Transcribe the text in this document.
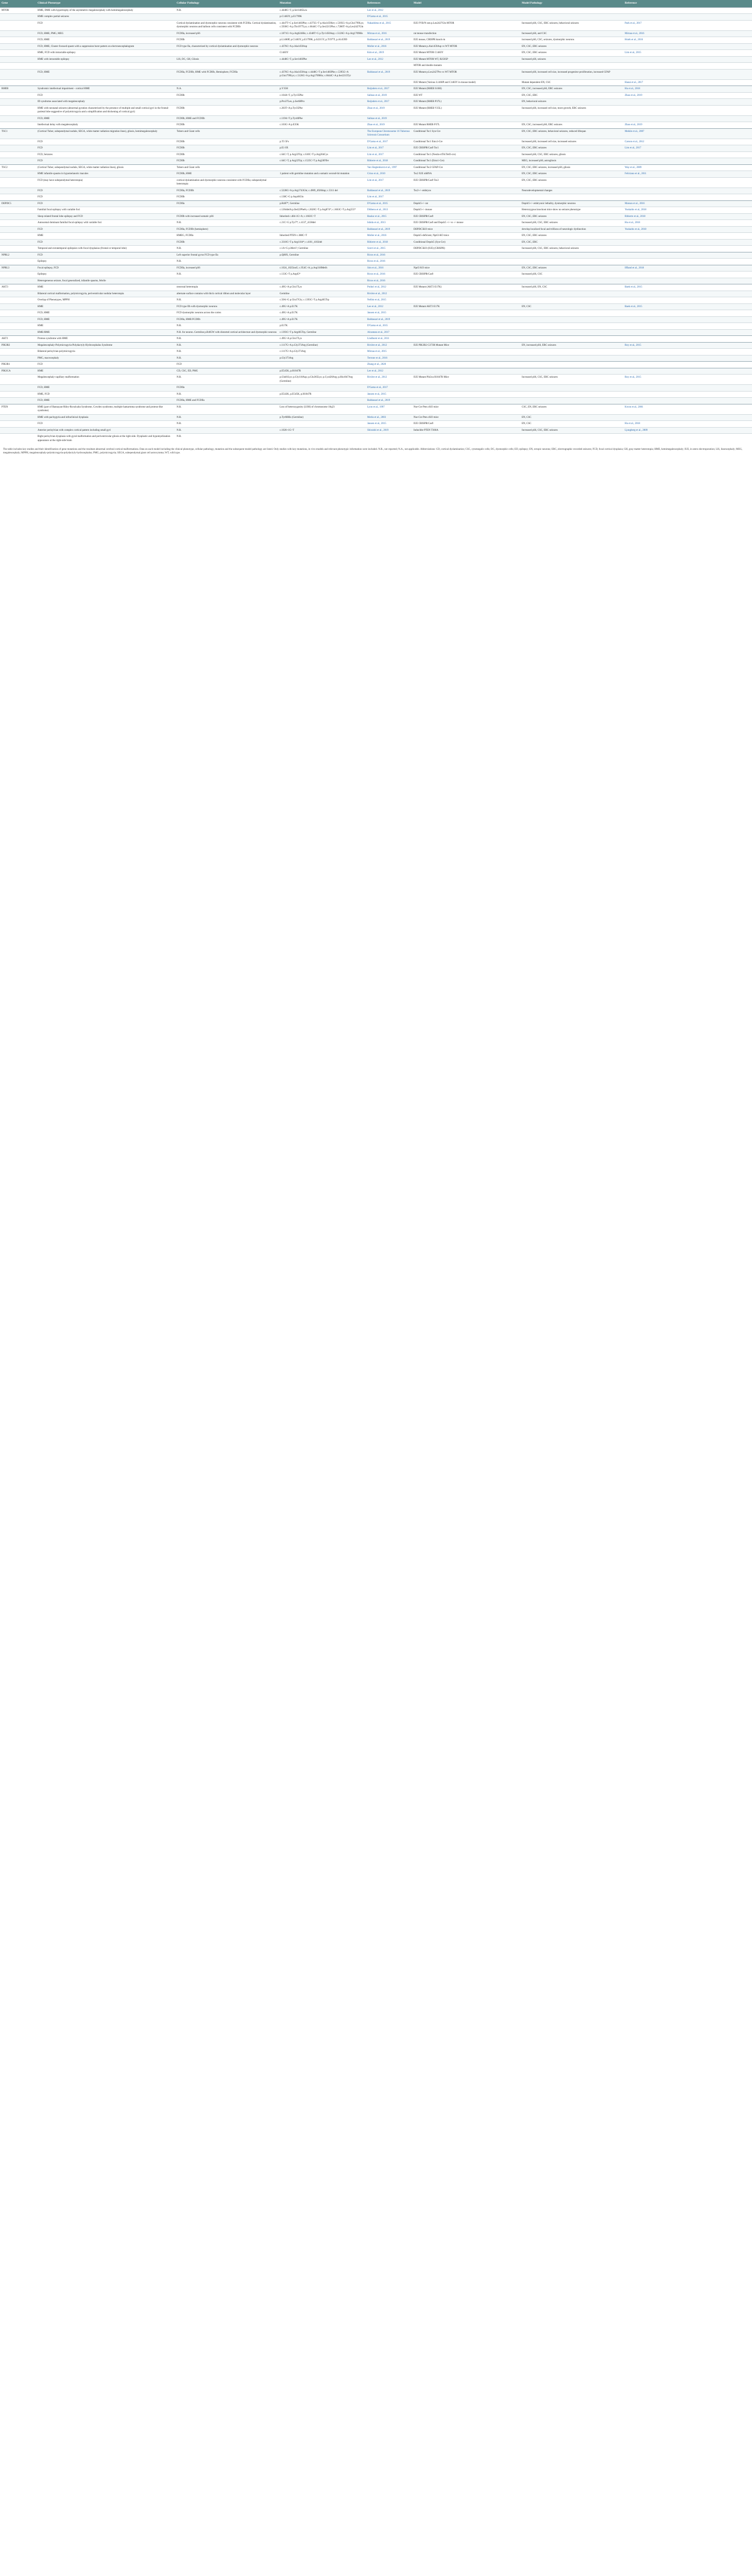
Gene	Clinical Phenotype	Cellular Pathology	Mutation	References	Model	Model Pathology	Reference
MTOR	HME, DME with hypertrophy of the asymmetric megalencephaly with hemimegalencephaly	N.R.	c.4448C>T, p.Ser1485Leu	Lee et al., 2012			
	HME complex partial seizures		p.C1483Y, p.E1799K	D'Gama et al., 2015			
	FCD	Cortical dyslamination and dysmorphic neurons consistent with FCDIIa. Cortical dyslamination, dysmorphic neurons and balloon cells consistent with FCDIIb	c.4447T>C p.Ser1483Phe; c.4375G>T p.Ala1459Ser; c.5395G>A p.Glu1799Lys; c.5930C>A p.Thr1977Lys; c.6644C>T p.Ser2215Phe; c.7280T>A p.Leu2427Gln	Nakashima et al., 2015	IUE FVB/N rats p.Leu2427Gln MTOR	Increased pS6, CSC, ERC seizures, behavioral seizures	Park et al., 2017
	FCD, HME, PMG, MEG	FCDIIa, increased pS6	c.1871G>A p.Arg624His; c.4348T>G p.Tyr1450Asp; c.5126G>A p.Arg1709His	Mirzaa et al., 2016	rat mouse transfection	Increased pS6, and CSC	Mirzaa et al., 2016
	FCD, HME	FCDIIb	p.L1460P, p.C1483Y, p.E1799K, p.S2215Y, p.T1977I, p.A1459D	Baldassari et al., 2019	IUE mouse, CRISPR knock-in	increased pS6, CSC, seizures, dysmorphic neurons	Hsieh et al., 2016
	FCD, HME, Cluster focused spasm with a suppression burst pattern on electroencephalogram	FCD type IIa, characterized by cortical dyslamination and dysmorphic neurons	c.4376C>A p.Ala1459Asp	Moller et al., 2016	IUE Mutant p.Ala1459Asp vs WT MTOR	EN, CSC, ERC seizures	
	HME, FCD with intractable epilepsy		C1483Y	Kim et al., 2019	IUE Mutant MTOR C1483Y	EN, CSC, ERC seizures	Lim et al., 2015
	HME with intractable epilepsy	LIS, DC, GH, Gliosis	c.4448C>T, p.Ser1483Phe	Lee et al., 2012	IUE Mutant MTOR WT, R2505P	Increased pS6, seizures	
					MTOR and double mutants		
	FCD, HME	FCDIIa, FCDIIb, HME with FCDIIb, Hemisphere, FCDIIa	c.4376C>A p.Ala1459Asp; c.4448C>T p.Ser1483Phe; c.5395G>A p.Glu1799Lys; c.5126G>A p.Arg1709His; c.6644C>A p.Ser2215Tyr	Baldassari et al., 2019	IUE Mutant p.Leu2427Pro vs WT MTOR	Increased pS6, increased cell size, increased progenitor proliferation, increased GFAP	
					IUE Mutant (Various L1460P and C1483Y in mouse model)	Mutant dependent EN, CSC	Hanai et al., 2017
RHEB	Syndromic intellectual impairment - cortical HME	N.A.	p.Y35H	Reijnders et al., 2017	IUE Mutant (RHEB S16H)	EN, CSC, increased pS6, ERC seizures	Hu et al., 2018
	FCD	FCDIIb	c.104A>T, p.Tyr35Phe	Salinas et al., 2019	IUE WT	EN, CSC, ERC	Zhao et al., 2019
	ID syndrome associated with megalencephaly		p.Pro37Leu, p.Ser68Pro	Reijnders et al., 2017	IUE Mutant (RHEB P37L)	EN, behavioral seizures	
	HME with neonatal seizures (abnormal gyration characterized by the presence of multiple and small cortical gyri in the frontal-parietal lobe suggestive of polymicrogyria and a simplification and thickening of cortical gyri)	FCDIIb	c.203T>A p.Tyr35Phe	Zhao et al., 2019	IUE Mutant (RHEB Y35L)	Increased pS6, increased cell size, more growth, ERC seizures	
	FCD, HME	FCDIIb, HME and FCDIIb	c.119A>T p.Tyr40Phe	Salinas et al., 2019			
	Intellectual delay with megalencephaly	FCDIIb	c.103G>A p.E35K	Zhao et al., 2019	IUE Mutant RHEB P37L	EN, CSC, increased pS6, ERC seizures	Zhao et al., 2019
TSC1	(Cortical Tuber, subependymal nodule, SEGA, white matter radiation migration lines), gliosis, hemimegalencephaly	Tubers and Giant cells		The European Chromosome 16 Tuberous Sclerosis Consortium	Conditional Tsc1 Syn-Cre	EN, CSC, ERC seizures, behavioral seizures, reduced lifespan	Meikle et al., 2007
	FCD	FCDIIb	p.T3 5Fs	D'Gama et al., 2017	Conditional Tsc1 Emx1-Cre	Increased pS6, increased cell size, increased seizures	Carson et al., 2012
	FCD	FCDIIb	p.E1 0X	Lim et al., 2017	IUE CRISPR/Cas9 Tsc1	EN, CSC, ERC seizures	Lim et al., 2017
	FCD, Seizures	FCDIIb	c.64C>T, p.Arg22Trp; c.610C>T p.Arg204Cys	Lim et al., 2017	Conditional Tsc1 (Nestin-rtTA/TetO-cre)	Increased pS6, CSC, ERC seizures, gliosis	
	FCD	FCDIIb	c.64C>T, p.Arg22Trp; c.1525C>T p.Arg509Ter	Ribierre et al., 2018	Conditional Tsc1 (Emx1-Cre)	MEG, increased pS6, astrogliosis	
TSC2	(Cortical Tuber, subependymal nodule, SEGA, white matter radiation lines), gliosis	Tubers and Giant cells		Van Slegtenhorst et al., 1997	Conditional Tsc2 GFAP-Cre	EN, CSC, ERC seizures, increased pS6, gliosis	Way et al., 2009
	HME infantile spasms in hypomelanotic macules	FCDIIb, HME	1 patient with germline mutation and a somatic second-hit mutation	Crino et al., 2010	Tsc2 IUE shRNA	EN, CSC, ERC seizures	Feliciano et al., 2011
	FCD (may have subependymal heterotopia)	cortical dyslamination and dysmorphic neurons consistent with FCDIIa; subependymal heterotopia		Lim et al., 2017	IUE CRISPR/Cas9 Tsc2	EN, CSC, ERC seizures	
	FCD	FCDIIa, FCDIIb	c.5228G>A p.Arg1743Gln; c.4909_4920dup; c.5311 del	Baldassari et al., 2019	Tsc2+/- embryos	Neurodevelopmental changes	
	FCD	FCDIIb	c.138C>G p.Asp46Glu	Lim et al., 2017			
DEPDC5	FCD	FCDIIa	p.R487*, Germline	D'Gama et al., 2015	Depdc5+/- rat	Depdc5+/- embryonic lethality, dysmorphic neurons	Marsan et al., 2016
	Familial focal epilepsy with variable foci		c.1264delA p.Ile422Phefs; c.2620C>T p.Arg874*; c.1663C>T p.Arg555*	Dibbens et al., 2013	Depdc5+/- mouse	Heterozygous knockout mice show no seizure phenotype	Yuskaitis et al., 2018
	Sleep related frontal lobe epilepsy and FCD	FCDIIb with increased somatic pS6	Inherited c.484-1G>A; c.1663C>T	Baulac et al., 2015	IUE CRISPR/Cas9	EN, CSC, ERC seizures	Ribierre et al., 2018
	Autosomal dominant familial focal epilepsy with variable foci	N.R.	c.21C>G p.Tyr7*; c.4137_4138del	Ishida et al., 2013	IUE CRISPR/Cas9 and Depdc5 +/- vs -/- mouse	Increased pS6, CSC, ERC seizures	Hu et al., 2018
	FCD	FCDIIa, FCDIIb (hemisphere)		Baldassari et al., 2019	DEPDC5KO mice	develop localized focal and trillions of neurologic dysfunction	Yuskaitis et al., 2018
	HME	HMEG, FCDIIa	Inherited PTEN c.388C>T	Moller et al., 2016	Depdc5-deficient, Nprl3-KO mice	EN, CSC, ERC seizures	
	FCD	FCDIIb	c.3310C>T p.Arg1104*; c.4101_4102del	Ribierre et al., 2018	Conditional Depdc5 (Syn-Cre)	EN, CSC, ERC	
	Temporal and extratemporal epilepsies with focal dysplasias (frontal or temporal lobe)	N.R.	c.1A>G p.Met1?; Germline	Scerri et al., 2015	DEPDC5KO (IUE) (CRISPR)	Increased pS6, CSC, ERC seizures, behavioral seizures	
NPRL2	FCD	Left superior frontal gyrus FCD type IIa	p.Q86X, Germline	Ricos et al., 2016			
	Epilepsy	N.R.		Ricos et al., 2016			
NPRL3	Focal epilepsy, FCD	FCDIIa, increased pS6	c.1024_1025insG; c.954C>A; p.Asp318Metfs	Sim et al., 2016	Nprl3 KO mice	EN, CSC, ERC seizures	Iffland et al., 2018
	Epilepsy	N.R.	c.133C>T p.Arg45*	Ricos et al., 2016	IUE CRISPR/Cas9	Increased pS6, CSC	
	Heterogeneous seizure, focal generalized, infantile spasms, febrile			Ricos et al., 2016			
AKT3	HME	neuronal heterotopia	c.49G>A p.Glu17Lys	Poduri et al., 2012	IUE Mutant (AKT3 E17K)	Increased pS6, EN, CSC	Baek et al., 2015
	Bilateral cortical malformation, polymicrogyria, periventricular nodular heterotopia	alternate surface contains with thick cortical ribbon and molecular layer	Germline	Rivière et al., 2012			
	Overlap of Phenotypes, MPPH	N.R.	c.50A>G p.Glu17Gly; c.1393C>T p.Arg465Trp	Nellist et al., 2015			
	HME	FCD type IIb with dysmorphic neurons	c.49G>A p.E17K	Lee et al., 2012	IUE Mutant AKT3 E17K	EN, CSC	Baek et al., 2015
	FCD, HME	FCD dysmorphic neurons across the cortex	c.49G>A p.E17K	Jansen et al., 2015			
	FCD, HME	FCDIIa, HME/FCDIIb	c.49G>A p.E17K	Baldassari et al., 2019			
	HME	N.R.	p.E17K	D'Gama et al., 2015			
	HME/HME	N.R. for neuron. Germline p.R465W with distorted cortical architecture and dysmorphic neurons	c.1393C>T p.Arg465Trp, Germline	Alcantara et al., 2017			
AKT1	Proteus syndrome with HME	N.R.	c.49G>A p.Glu17Lys	Lindhurst et al., 2011			
PIK3R2	Megalencephaly-Polymicrogyria-Polydactyly-Hydrocephalus Syndrome	N.R.	c.1117G>A p.Gly373Arg (Germline)	Rivière et al., 2012	IUE PIK3R2 G373R Mutant Mice	EN, increased pS6, ERC seizures	Roy et al., 2015
	Bilateral perisylvian polymicrogyria	N.R.	c.1117G>A p.Gly373Arg	Mirzaa et al., 2015			
	PMG, macrocephaly	N.R.	p.Gly373Arg	Terrone et al., 2016			
PIK3R1	FCD	FCD		Zhang et al., 2020			
PIK3CA	HME	CD, CSC, ED, PMG	p.E545K, p.H1047R	Lee et al., 2012			
	Megalencephaly-capillary malformation	N.R.	p.Glu81Lys; p.Gly118Asp; p.Glu365Lys; p.Cys420Arg; p.His1047Arg (Germline)	Rivière et al., 2012	IUE Mutant Pik3ca H1047R Mice	Increased pS6, CSC, ERC seizures	Roy et al., 2015
	FCD, HME	FCDIIa		D'Gama et al., 2017			
	HME, FCD	N.R.	p.E542K, p.E545K, p.H1047R	Jansen et al., 2015			
	FCD, HME	FCDIIa, HME and FCDIIa		Baldassari et al., 2019			
PTEN	HME (part of Bannayan-Riley-Ruvalcaba Syndrome, Cowden syndrome, multiple hamartoma syndrome and proteus-like syndrome)	N.R.	Loss of heterozygosity (LOH) of chromosome 10q23	Lyon et al., 1997	Nse-Cre Pten cKO mice	CSC, EN, ERC seizures	Kwon et al., 2001
	HME with pachygyria and infraclinical dysplasia	N.R.	p.Tyr68His (Germline)	Merks et al., 2003	Nse-Cre Pten cKO mice	EN, CSC	
	FCD	N.R.		Jansen et al., 2015	IUE CRISPR/Cas9	EN, CSC	Hu et al., 2018
	Anterior perisylvian with complex cortical pattern including small gyri	N.R.	c.1026+1G>T	Shiraishi et al., 2019	Inducible PTEN T366A	Increased pS6, CSC, ERC seizures	Ljungberg et al., 2009
	Right perisylvian dysplasia with gyral malformation and periventricular gliosis at the right side. Dysplastic and hypomyelination appearance at the right-side brain	N.R.					
The table includes key studies and their identification of gene mutations and the resultant abnormal cerebral cortical malformations. Data on each model including the clinical phenotype, cellular pathology, mutation and the subsequent model pathology are listed. Only studies with key mutations, in vivo models and relevant phenotypic information were included. N.R., not reported; N.A., not applicable. Abbreviations: CD, cortical dyslamination; CSC, cytomegalic cells; DC, dysmorphic cells; ED, epilepsy; EN, ectopic neurons; ERC, electrographic recorded seizures; FCD, focal cortical dysplasia; GH, gray matter heterotopia; HME, hemimegalencephaly; IUE, in utero electroporation; LIS, lissencephaly; MEG, megalencephaly; MPPH, megalencephaly-polymicrogyria-polydactyly-hydrocephalus; PMG, polymicrogyria; SEGA, subependymal giant cell astrocytoma; WT, wild type.
